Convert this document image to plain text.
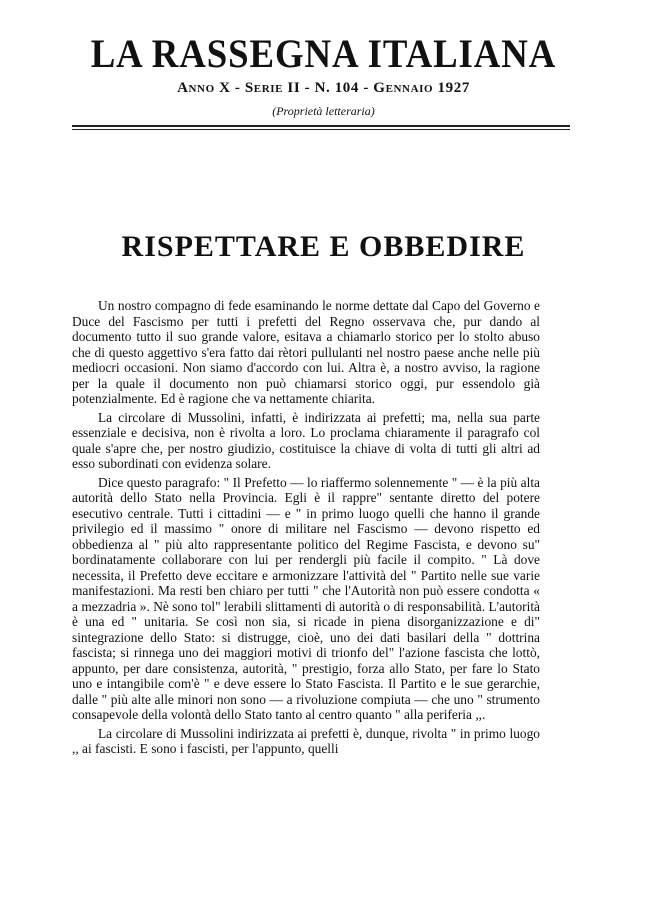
LA RASSEGNA ITALIANA
Anno X - Serie II - N. 104 - Gennaio 1927
(Proprietà letteraria)
RISPETTARE E OBBEDIRE

Un nostro compagno di fede esaminando le norme dettate dal Capo del Governo e Duce del Fascismo per tutti i prefetti del Regno osservava che, pur dando al documento tutto il suo grande valore, esitava a chiamarlo storico per lo stolto abuso che di questo aggettivo s'era fatto dai rètori pullulanti nel nostro paese anche nelle più mediocri occasioni. Non siamo d'accordo con lui. Altra è, a nostro avviso, la ragione per la quale il documento non può chiamarsi storico oggi, pur essendolo già potenzialmente. Ed è ragione che va nettamente chiarita.

La circolare di Mussolini, infatti, è indirizzata ai prefetti; ma, nella sua parte essenziale e decisiva, non è rivolta a loro. Lo proclama chiaramente il paragrafo col quale s'apre che, per nostro giudizio, costituisce la chiave di volta di tutti gli altri ad esso subordinati con evidenza solare.

Dice questo paragrafo: " Il Prefetto — lo riaffermo solennemente " — è la più alta autorità dello Stato nella Provincia. Egli è il rappre" sentante diretto del potere esecutivo centrale. Tutti i cittadini — e " in primo luogo quelli che hanno il grande privilegio ed il massimo " onore di militare nel Fascismo — devono rispetto ed obbedienza al " più alto rappresentante politico del Regime Fascista, e devono su" bordinatamente collaborare con lui per rendergli più facile il compito. " Là dove necessita, il Prefetto deve eccitare e armonizzare l'attività del " Partito nelle sue varie manifestazioni. Ma resti ben chiaro per tutti " che l'Autorità non può essere condotta « a mezzadria ». Nè sono tol" lerabili slittamenti di autorità o di responsabilità. L'autorità è una ed " unitaria. Se così non sia, si ricade in piena disorganizzazione e di" sintegrazione dello Stato: si distrugge, cioè, uno dei dati basilari della " dottrina fascista; si rinnega uno dei maggiori motivi di trionfo del" l'azione fascista che lottò, appunto, per dare consistenza, autorità, " prestigio, forza allo Stato, per fare lo Stato uno e intangibile com'è " e deve essere lo Stato Fascista. Il Partito e le sue gerarchie, dalle " più alte alle minori non sono — a rivoluzione compiuta — che uno " strumento consapevole della volontà dello Stato tanto al centro quanto " alla periferia ,,.

La circolare di Mussolini indirizzata ai prefetti è, dunque, rivolta " in primo luogo ,, ai fascisti. E sono i fascisti, per l'appunto, quelli
